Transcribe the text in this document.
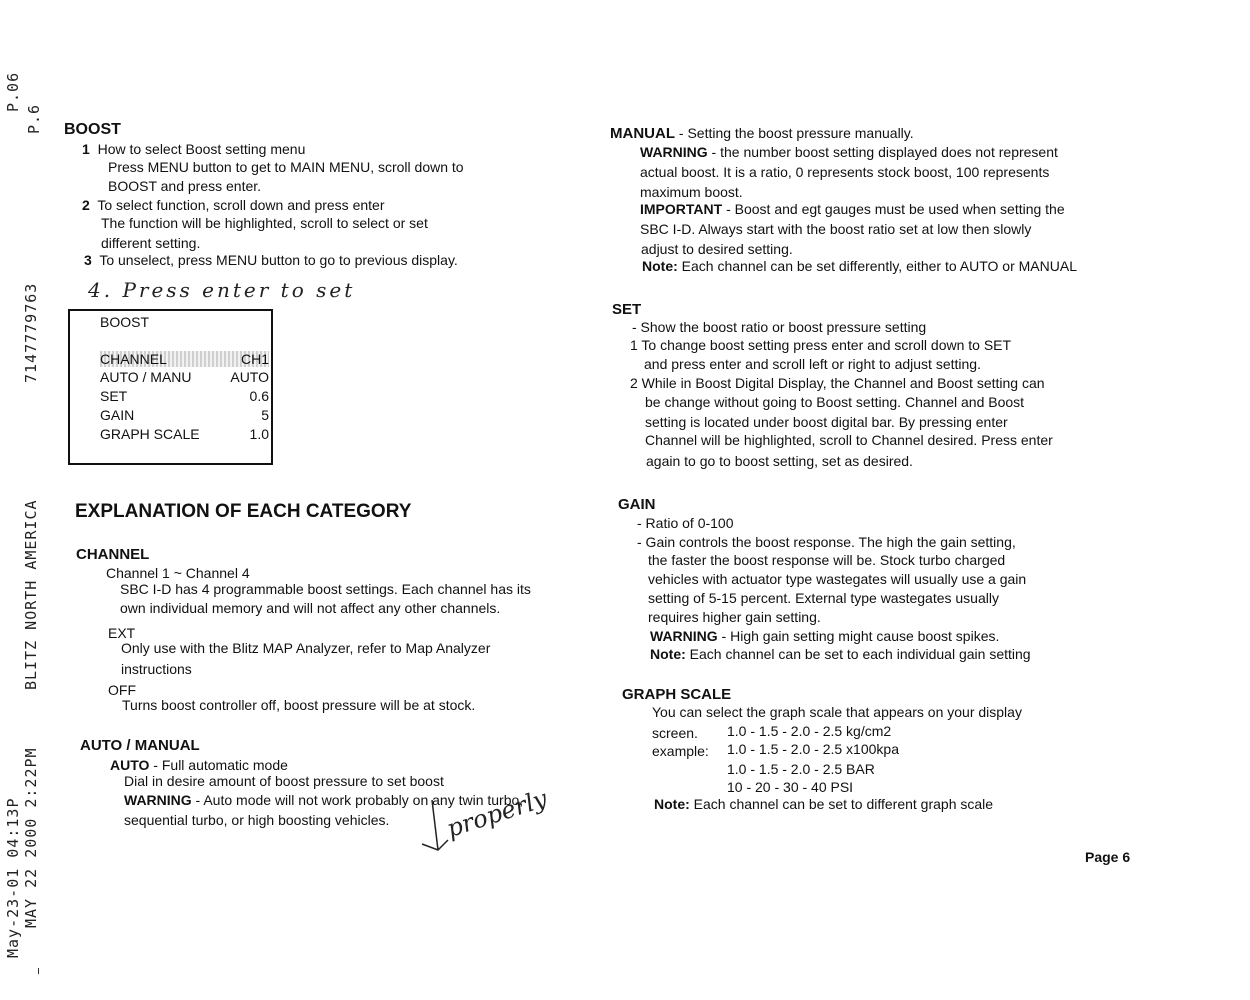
P.06
P.6
7147779763
BLITZ NORTH AMERICA
May-23-01 04:13P MAY 22 2000 2:22PM
BOOST
1 How to select Boost setting menu
Press MENU button to get to MAIN MENU, scroll down to
BOOST and press enter.
2 To select function, scroll down and press enter
The function will be highlighted, scroll to select or set
different setting.
3 To unselect, press MENU button to go to previous display.
4. Press enter to set
BOOST
CHANNEL	CH1
AUTO / MANU	AUTO
SET	0.6
GAIN	5
GRAPH SCALE	1.0
EXPLANATION OF EACH CATEGORY
CHANNEL
Channel 1 ~ Channel 4
SBC I-D has 4 programmable boost settings. Each channel has its
own individual memory and will not affect any other channels.
EXT
Only use with the Blitz MAP Analyzer, refer to Map Analyzer
instructions
OFF
Turns boost controller off, boost pressure will be at stock.
AUTO / MANUAL
AUTO - Full automatic mode
Dial in desire amount of boost pressure to set boost
WARNING - Auto mode will not work probably on any twin turbo,
sequential turbo, or high boosting vehicles. properly
MANUAL - Setting the boost pressure manually.
WARNING - the number boost setting displayed does not represent
actual boost. It is a ratio, 0 represents stock boost, 100 represents
maximum boost.
IMPORTANT - Boost and egt gauges must be used when setting the
SBC I-D. Always start with the boost ratio set at low then slowly
adjust to desired setting.
Note: Each channel can be set differently, either to AUTO or MANUAL
SET
- Show the boost ratio or boost pressure setting
1 To change boost setting press enter and scroll down to SET
and press enter and scroll left or right to adjust setting.
2 While in Boost Digital Display, the Channel and Boost setting can
be change without going to Boost setting. Channel and Boost
setting is located under boost digital bar. By pressing enter
Channel will be highlighted, scroll to Channel desired. Press enter
again to go to boost setting, set as desired.
GAIN
- Ratio of 0-100
- Gain controls the boost response. The high the gain setting,
the faster the boost response will be. Stock turbo charged
vehicles with actuator type wastegates will usually use a gain
setting of 5-15 percent. External type wastegates usually
requires higher gain setting.
WARNING - High gain setting might cause boost spikes.
Note: Each channel can be set to each individual gain setting
GRAPH SCALE
You can select the graph scale that appears on your display
screen. 1.0 - 1.5 - 2.0 - 2.5 kg/cm2
example: 1.0 - 1.5 - 2.0 - 2.5 x100kpa
1.0 - 1.5 - 2.0 - 2.5 BAR
10 - 20 - 30 - 40 PSI
Note: Each channel can be set to different graph scale
Page 6
